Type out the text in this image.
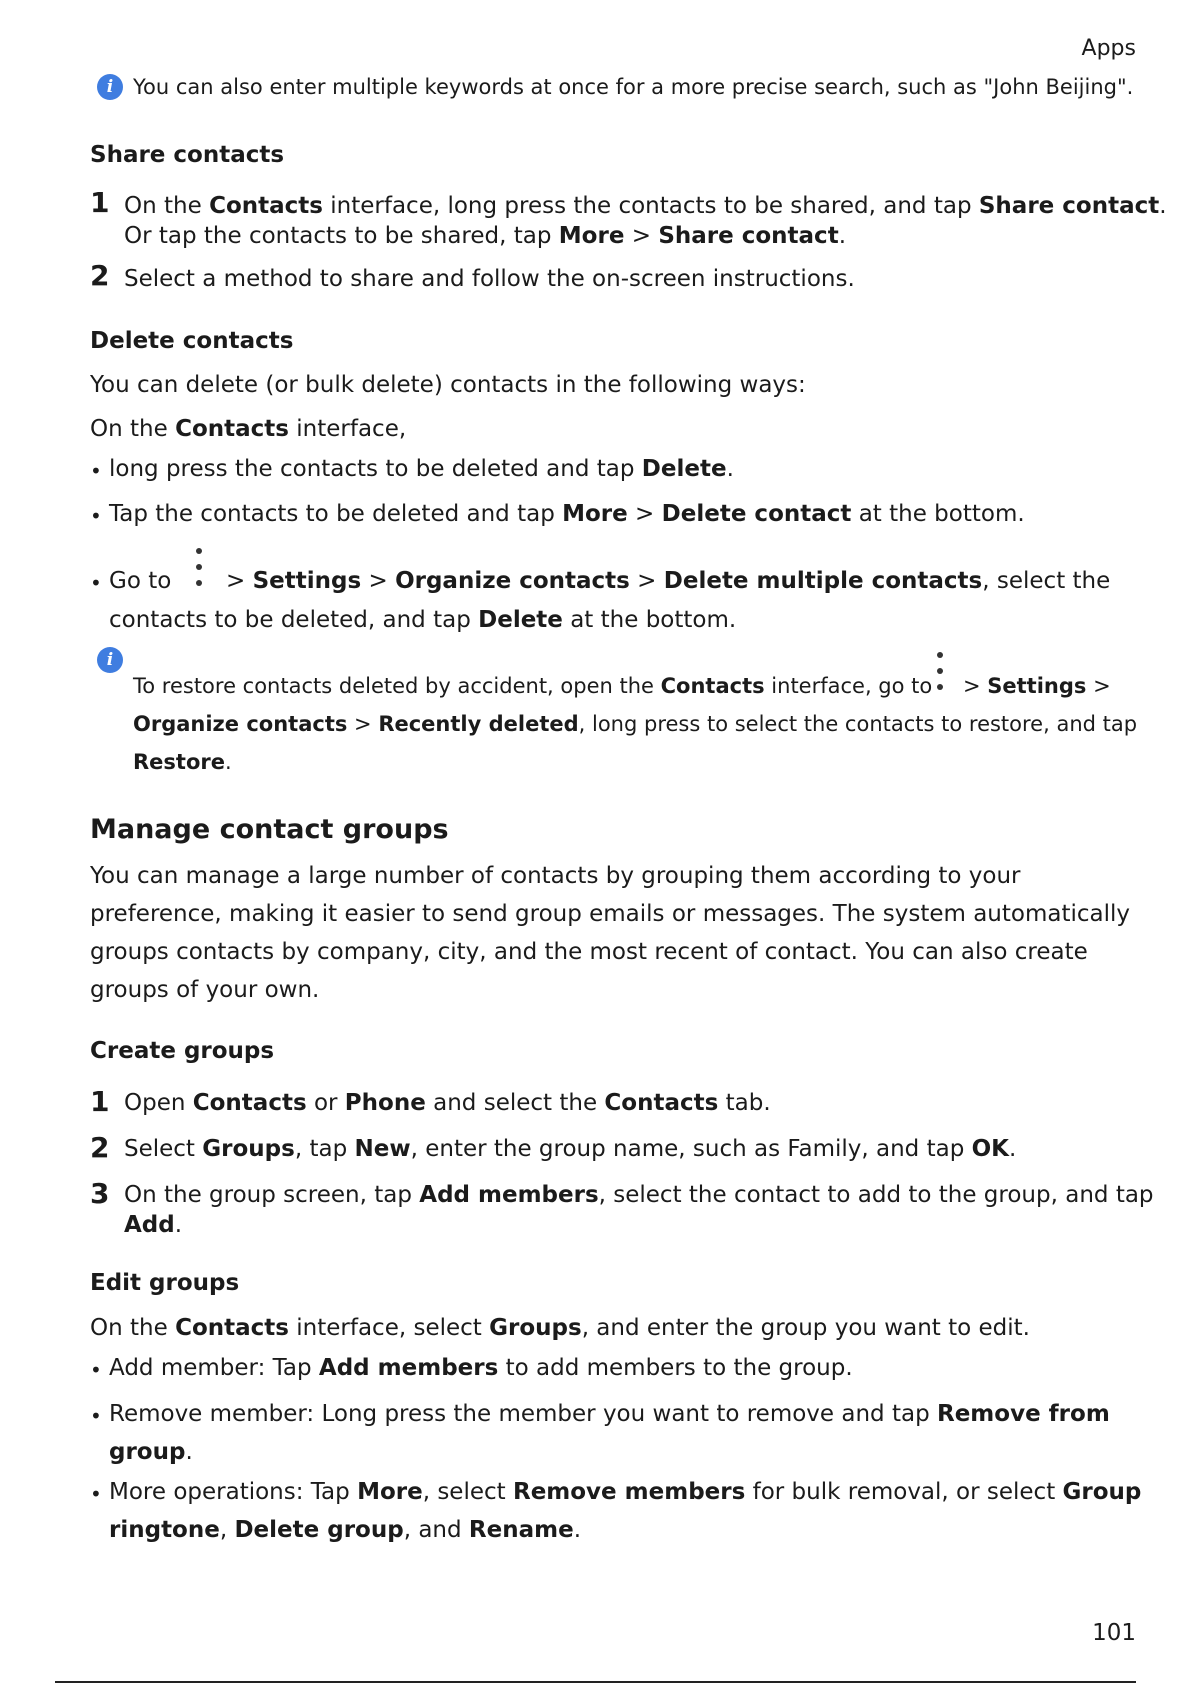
Apps
i You can also enter multiple keywords at once for a more precise search, such as "John Beijing".
Share contacts
1 On the Contacts interface, long press the contacts to be shared, and tap Share contact.
Or tap the contacts to be shared, tap More > Share contact.
2 Select a method to share and follow the on-screen instructions.
Delete contacts
You can delete (or bulk delete) contacts in the following ways:
On the Contacts interface,
• long press the contacts to be deleted and tap Delete.
• Tap the contacts to be deleted and tap More > Delete contact at the bottom.
• Go to > Settings > Organize contacts > Delete multiple contacts, select the
contacts to be deleted, and tap Delete at the bottom.
i
To restore contacts deleted by accident, open the Contacts interface, go to > Settings >
Organize contacts > Recently deleted, long press to select the contacts to restore, and tap
Restore.
Manage contact groups
You can manage a large number of contacts by grouping them according to your
preference, making it easier to send group emails or messages. The system automatically
groups contacts by company, city, and the most recent of contact. You can also create
groups of your own.
Create groups
1 Open Contacts or Phone and select the Contacts tab.
2 Select Groups, tap New, enter the group name, such as Family, and tap OK.
3 On the group screen, tap Add members, select the contact to add to the group, and tap
Add.
Edit groups
On the Contacts interface, select Groups, and enter the group you want to edit.
• Add member: Tap Add members to add members to the group.
• Remove member: Long press the member you want to remove and tap Remove from
group.
• More operations: Tap More, select Remove members for bulk removal, or select Group
ringtone, Delete group, and Rename.
101
